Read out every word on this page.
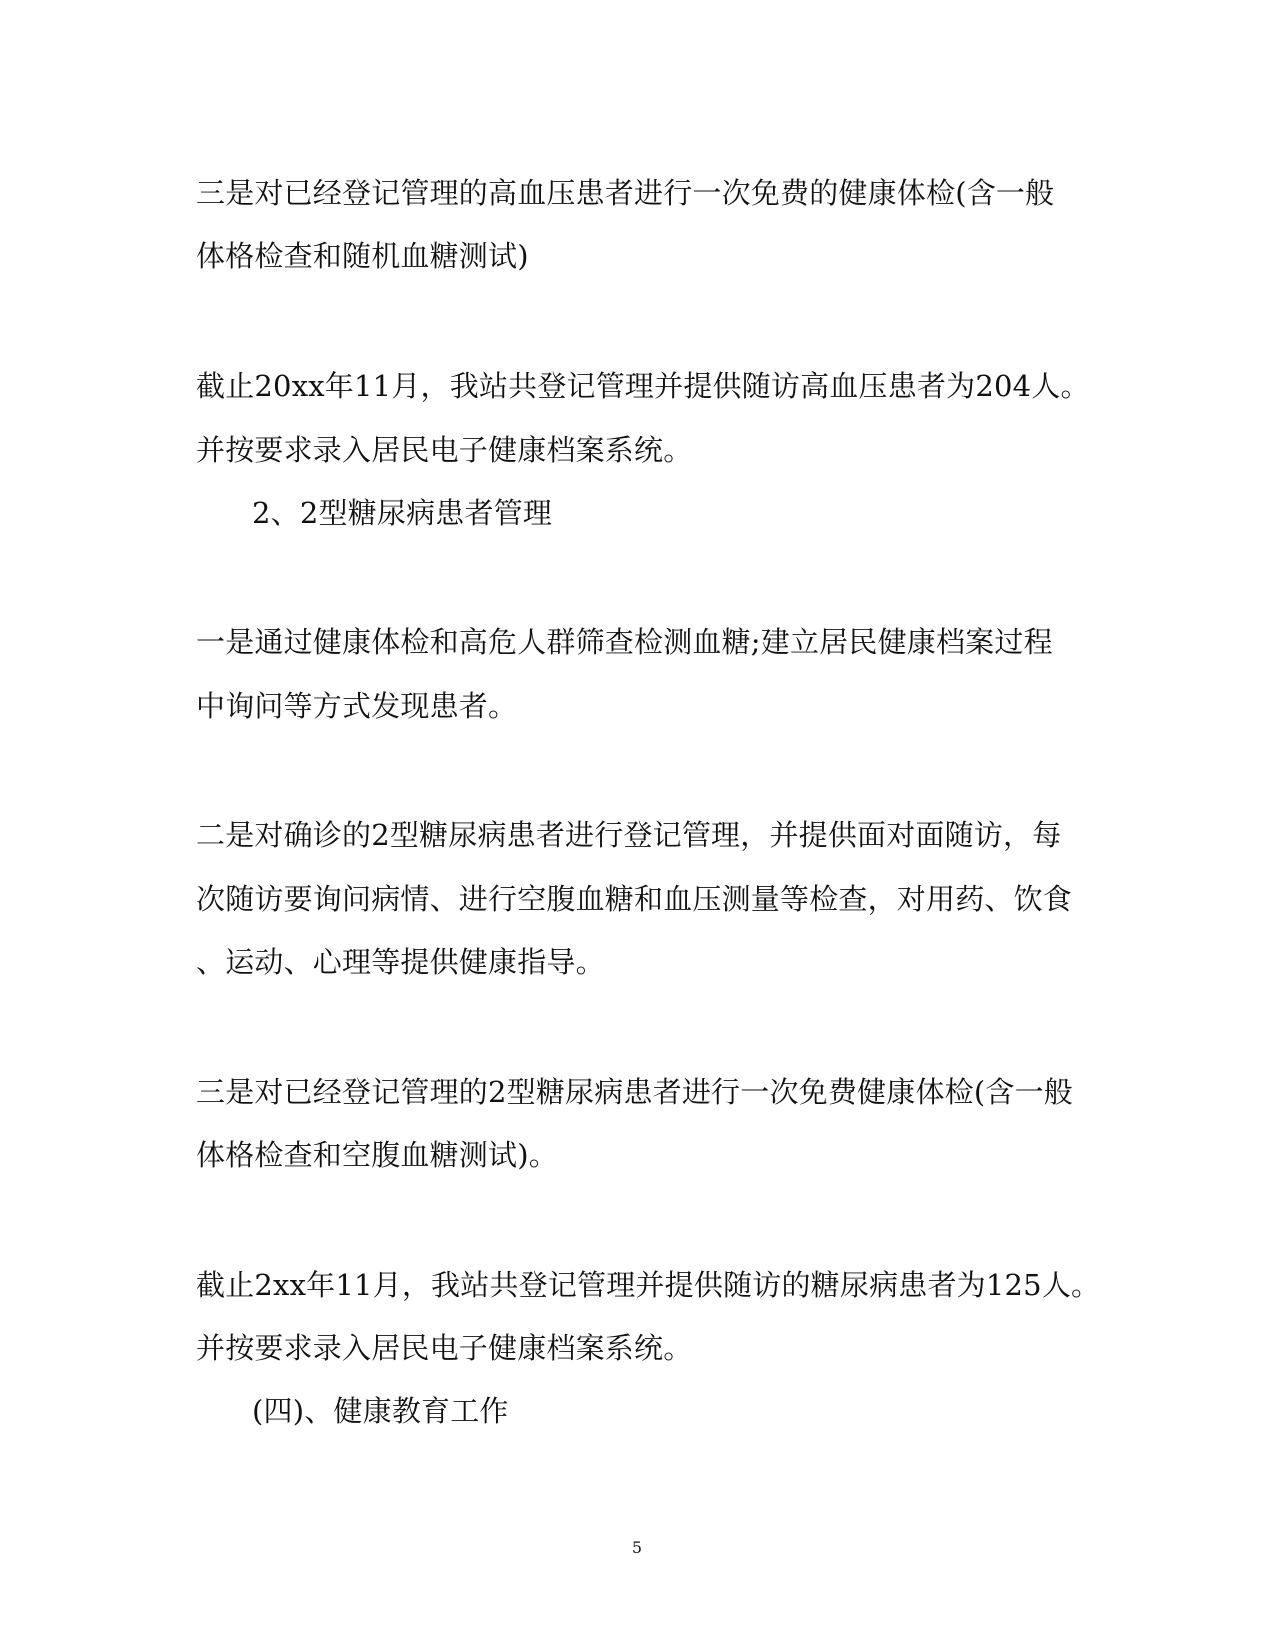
三是对已经登记管理的高血压患者进行一次免费的健康体检(含一般
体格检查和随机血糖测试)
截止20xx年11月，我站共登记管理并提供随访高血压患者为204人。
并按要求录入居民电子健康档案系统。
2、2型糖尿病患者管理
一是通过健康体检和高危人群筛查检测血糖;建立居民健康档案过程
中询问等方式发现患者。
二是对确诊的2型糖尿病患者进行登记管理，并提供面对面随访，每
次随访要询问病情、进行空腹血糖和血压测量等检查，对用药、饮食
、运动、心理等提供健康指导。
三是对已经登记管理的2型糖尿病患者进行一次免费健康体检(含一般
体格检查和空腹血糖测试)。
截止2xx年11月，我站共登记管理并提供随访的糖尿病患者为125人。
并按要求录入居民电子健康档案系统。
(四)、健康教育工作
5
